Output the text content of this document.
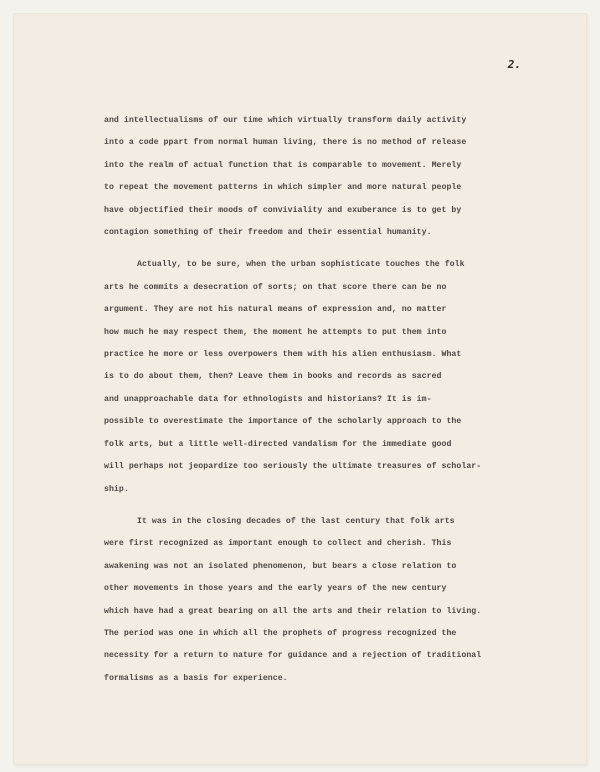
2.

and intellectualisms of our time which virtually transform daily activity
into a code ppart from normal human living, there is no method of release
into the realm of actual function that is comparable to movement. Merely
to repeat the movement patterns in which simpler and more natural people
have objectified their moods of conviviality and exuberance is to get by
contagion something of their freedom and their essential humanity.

Actually, to be sure, when the urban sophisticate touches the folk
arts he commits a desecration of sorts; on that score there can be no
argument. They are not his natural means of expression and, no matter
how much he may respect them, the moment he attempts to put them into
practice he more or less overpowers them with his alien enthusiasm. What
is to do about them, then? Leave them in books and records as sacred
and unapproachable data for ethnologists and historians? It is im-
possible to overestimate the importance of the scholarly approach to the
folk arts, but a little well-directed vandalism for the immediate good
will perhaps not jeopardize too seriously the ultimate treasures of scholar-
ship.

It was in the closing decades of the last century that folk arts
were first recognized as important enough to collect and cherish. This
awakening was not an isolated phenomenon, but bears a close relation to
other movements in those years and the early years of the new century
which have had a great bearing on all the arts and their relation to living.
The period was one in which all the prophets of progress recognized the
necessity for a return to nature for guidance and a rejection of traditional
formalisms as a basis for experience.
